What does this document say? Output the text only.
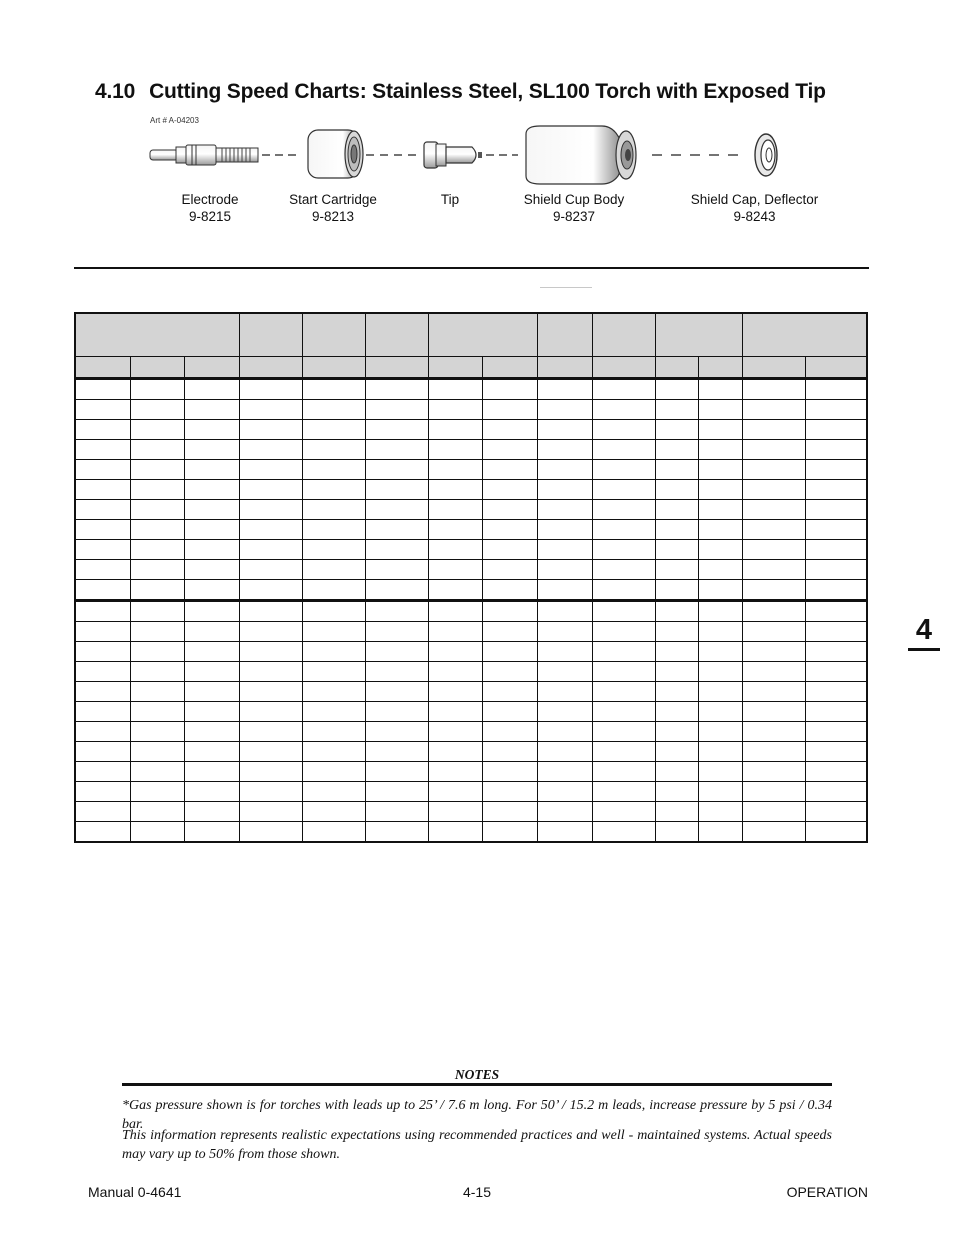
4.10 Cutting Speed Charts: Stainless Steel, SL100 Torch with Exposed Tip
Art # A-04203
Electrode
9-8215
Start Cartridge
9-8213
Tip	Shield Cup Body
9-8237
Shield Cap, Deflector
9-8243

4
NOTES
*Gas pressure shown is for torches with leads up to 25’ / 7.6 m long. For 50’ / 15.2 m leads, increase pressure by 5 psi / 0.34 bar.
This information represents realistic expectations using recommended practices and well - maintained systems. Actual speeds may vary up to 50% from those shown.
Manual 0-4641	4-15	OPERATION
